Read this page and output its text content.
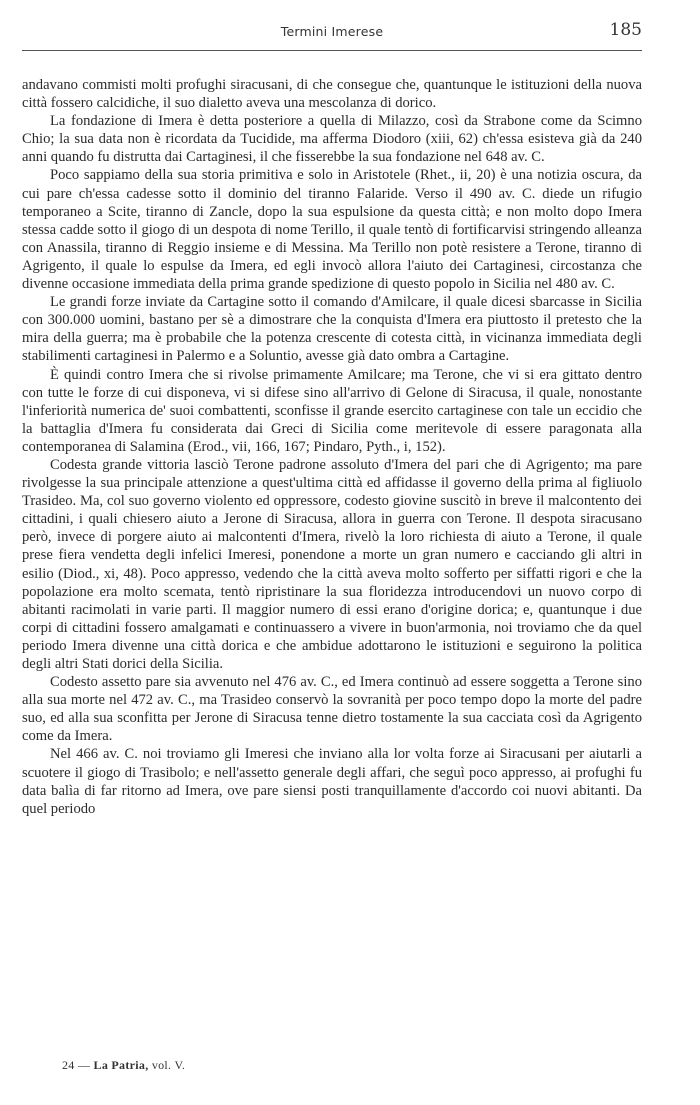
Termini Imerese	185

andavano commisti molti profughi siracusani, di che consegue che, quantunque le istituzioni della nuova città fossero calcidiche, il suo dialetto aveva una mescolanza di dorico.

La fondazione di Imera è detta posteriore a quella di Milazzo, così da Strabone come da Scimno Chio; la sua data non è ricordata da Tucidide, ma afferma Diodoro (xiii, 62) ch'essa esisteva già da 240 anni quando fu distrutta dai Cartaginesi, il che fisserebbe la sua fondazione nel 648 av. C.

Poco sappiamo della sua storia primitiva e solo in Aristotele (Rhet., ii, 20) è una notizia oscura, da cui pare ch'essa cadesse sotto il dominio del tiranno Falaride. Verso il 490 av. C. diede un rifugio temporaneo a Scite, tiranno di Zancle, dopo la sua espulsione da questa città; e non molto dopo Imera stessa cadde sotto il giogo di un despota di nome Terillo, il quale tentò di fortificarvisi stringendo alleanza con Anassila, tiranno di Reggio insieme e di Messina. Ma Terillo non potè resistere a Terone, tiranno di Agrigento, il quale lo espulse da Imera, ed egli invocò allora l'aiuto dei Cartaginesi, circostanza che divenne occasione immediata della prima grande spedizione di questo popolo in Sicilia nel 480 av. C.

Le grandi forze inviate da Cartagine sotto il comando d'Amilcare, il quale dicesi sbarcasse in Sicilia con 300.000 uomini, bastano per sè a dimostrare che la conquista d'Imera era piuttosto il pretesto che la mira della guerra; ma è probabile che la potenza crescente di cotesta città, in vicinanza immediata degli stabilimenti cartaginesi in Palermo e a Soluntio, avesse già dato ombra a Cartagine.

È quindi contro Imera che si rivolse primamente Amilcare; ma Terone, che vi si era gittato dentro con tutte le forze di cui disponeva, vi si difese sino all'arrivo di Gelone di Siracusa, il quale, nonostante l'inferiorità numerica de' suoi combattenti, sconfisse il grande esercito cartaginese con tale un eccidio che la battaglia d'Imera fu considerata dai Greci di Sicilia come meritevole di essere paragonata alla contemporanea di Salamina (Erod., vii, 166, 167; Pindaro, Pyth., i, 152).

Codesta grande vittoria lasciò Terone padrone assoluto d'Imera del pari che di Agrigento; ma pare rivolgesse la sua principale attenzione a quest'ultima città ed affidasse il governo della prima al figliuolo Trasideo. Ma, col suo governo violento ed oppressore, codesto giovine suscitò in breve il malcontento dei cittadini, i quali chiesero aiuto a Jerone di Siracusa, allora in guerra con Terone. Il despota siracusano però, invece di porgere aiuto ai malcontenti d'Imera, rivelò la loro richiesta di aiuto a Terone, il quale prese fiera vendetta degli infelici Imeresi, ponendone a morte un gran numero e cacciando gli altri in esilio (Diod., xi, 48). Poco appresso, vedendo che la città aveva molto sofferto per siffatti rigori e che la popolazione era molto scemata, tentò ripristinare la sua floridezza introducendovi un nuovo corpo di abitanti racimolati in varie parti. Il maggior numero di essi erano d'origine dorica; e, quantunque i due corpi di cittadini fossero amalgamati e continuassero a vivere in buon'armonia, noi troviamo che da quel periodo Imera divenne una città dorica e che ambidue adottarono le istituzioni e seguirono la politica degli altri Stati dorici della Sicilia.

Codesto assetto pare sia avvenuto nel 476 av. C., ed Imera continuò ad essere soggetta a Terone sino alla sua morte nel 472 av. C., ma Trasideo conservò la sovranità per poco tempo dopo la morte del padre suo, ed alla sua sconfitta per Jerone di Siracusa tenne dietro tostamente la sua cacciata così da Agrigento come da Imera.

Nel 466 av. C. noi troviamo gli Imeresi che inviano alla lor volta forze ai Siracusani per aiutarli a scuotere il giogo di Trasibolo; e nell'assetto generale degli affari, che seguì poco appresso, ai profughi fu data balìa di far ritorno ad Imera, ove pare siensi posti tranquillamente d'accordo coi nuovi abitanti. Da quel periodo

24 — La Patria, vol. V.
